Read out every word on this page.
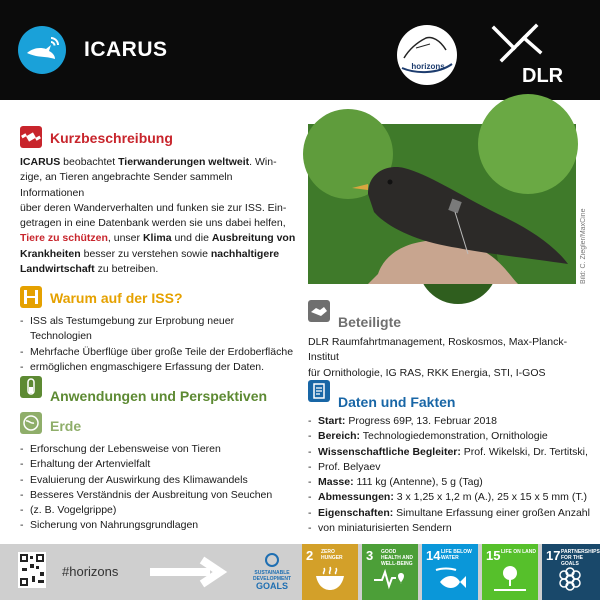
ICARUS
horizons	DLR
Kurzbeschreibung
ICARUS beobachtet Tierwanderungen weltweit. Win-
zige, an Tieren angebrachte Sender sammeln Informationen
über deren Wanderverhalten und funken sie zur ISS. Ein-
getragen in eine Datenbank werden sie uns dabei helfen,
Tiere zu schützen, unser Klima und die Ausbreitung von
Krankheiten besser zu verstehen sowie nachhaltigere
Landwirtschaft zu betreiben.
Warum auf der ISS?
- ISS als Testumgebung zur Erprobung neuer Technologien
- Mehrfache Überflüge über große Teile der Erdoberfläche
- ermöglichen engmaschigere Erfassung der Daten.
Anwendungen und Perspektiven
Erde
- Erforschung der Lebensweise von Tieren
- Erhaltung der Artenvielfalt
- Evaluierung der Auswirkung des Klimawandels
- Besseres Verständnis der Ausbreitung von Seuchen
- (z. B. Vogelgrippe)
- Sicherung von Nahrungsgrundlagen
Bild: C. Ziegler/MaxCine
Beteiligte
DLR Raumfahrtmanagement, Roskosmos, Max-Planck-Institut
für Ornithologie, IG RAS, RKK Energia, STI, I-GOS
Daten und Fakten
- Start: Progress 69P, 13. Februar 2018
- Bereich: Technologiedemonstration, Ornithologie
- Wissenschaftliche Begleiter: Prof. Wikelski, Dr. Tertitski,
- Prof. Belyaev
- Masse: 111 kg (Antenne), 5 g (Tag)
- Abmessungen: 3 x 1,25 x 1,2 m (A.), 25 x 15 x 5 mm (T.)
- Eigenschaften: Simultane Erfassung einer großen Anzahl
- von miniaturisierten Sendern
#horizons	SUSTAINABLE
DEVELOPMENT
GOALS
2 ZERO HUNGER	3 GOOD HEALTH AND WELL-BEING
14 LIFE BELOW WATER	15 LIFE ON LAND 17 PARTNERSHIPS FOR THE GOALS
